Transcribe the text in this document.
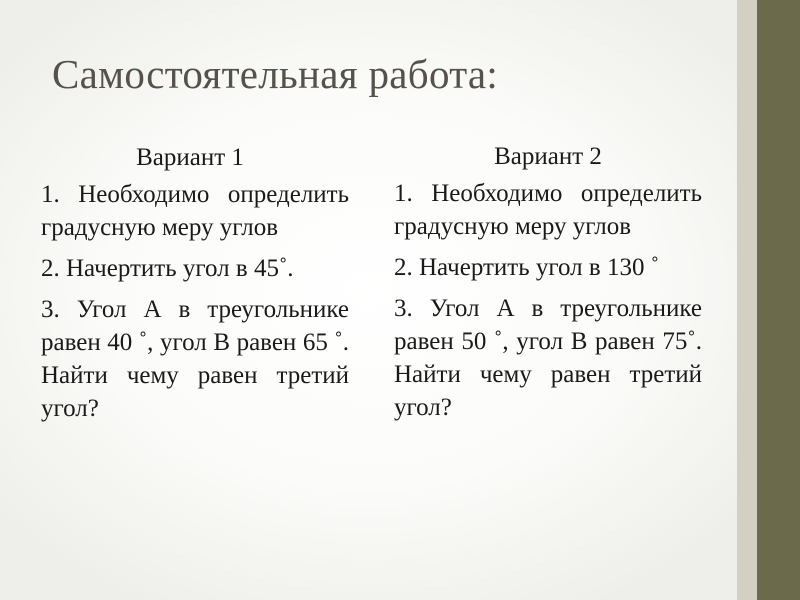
Самостоятельная работа:
Вариант 1
1. Необходимо определить градусную меру углов
2. Начертить угол в 45˚.
3. Угол А в треугольнике равен 40 ˚, угол В равен 65 ˚. Найти чему равен третий угол?
Вариант 2
1. Необходимо определить градусную меру углов
2. Начертить угол в 130 ˚
3. Угол А в треугольнике равен 50 ˚, угол В равен 75˚. Найти чему равен третий угол?
